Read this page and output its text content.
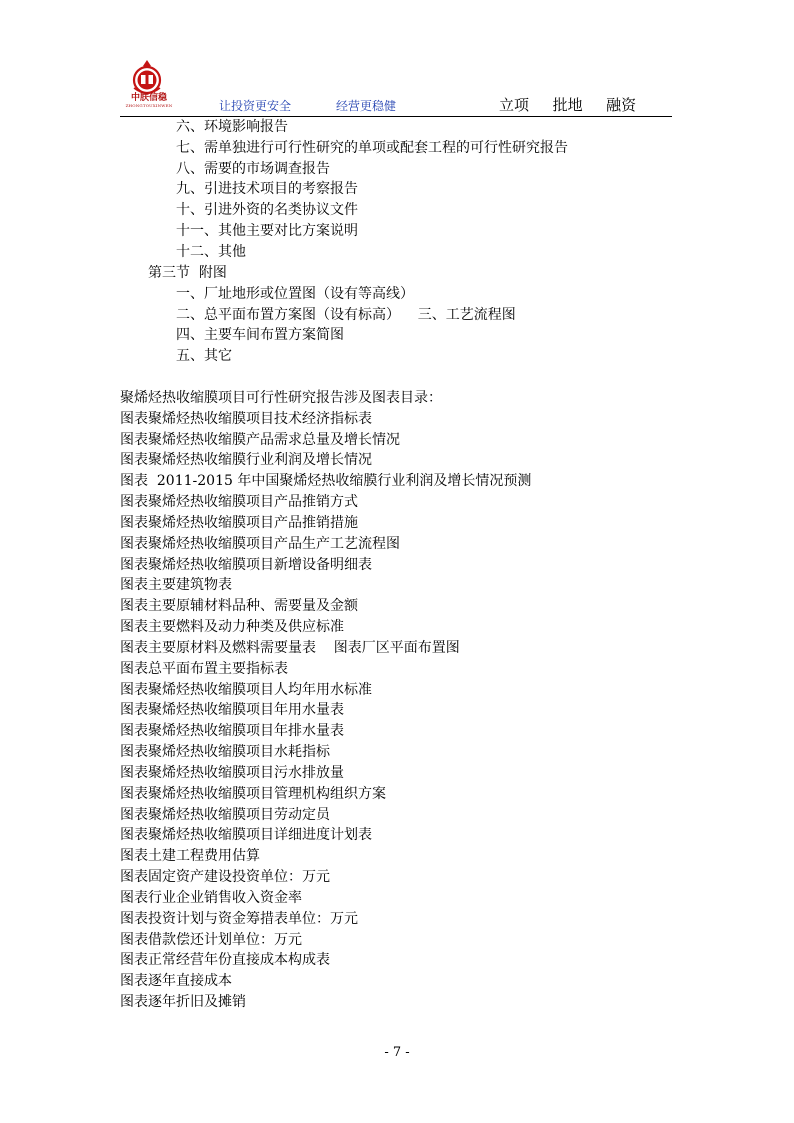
中朕信稳
ZHONGTOUXINWEN	让投资更安全	经营更稳健	立项 批地 融资
六、环境影响报告
七、需单独进行可行性研究的单项或配套工程的可行性研究报告
八、需要的市场调查报告
九、引进技术项目的考察报告
十、引进外资的名类协议文件
十一、其他主要对比方案说明
十二、其他
第三节  附图
一、厂址地形或位置图（设有等高线）
二、总平面布置方案图（设有标高）    三、工艺流程图
四、主要车间布置方案简图
五、其它
聚烯烃热收缩膜项目可行性研究报告涉及图表目录：
图表聚烯烃热收缩膜项目技术经济指标表
图表聚烯烃热收缩膜产品需求总量及增长情况
图表聚烯烃热收缩膜行业利润及增长情况
图表  2011-2015 年中国聚烯烃热收缩膜行业利润及增长情况预测
图表聚烯烃热收缩膜项目产品推销方式
图表聚烯烃热收缩膜项目产品推销措施
图表聚烯烃热收缩膜项目产品生产工艺流程图
图表聚烯烃热收缩膜项目新增设备明细表
图表主要建筑物表
图表主要原辅材料品种、需要量及金额
图表主要燃料及动力种类及供应标准
图表主要原材料及燃料需要量表    图表厂区平面布置图
图表总平面布置主要指标表
图表聚烯烃热收缩膜项目人均年用水标准
图表聚烯烃热收缩膜项目年用水量表
图表聚烯烃热收缩膜项目年排水量表
图表聚烯烃热收缩膜项目水耗指标
图表聚烯烃热收缩膜项目污水排放量
图表聚烯烃热收缩膜项目管理机构组织方案
图表聚烯烃热收缩膜项目劳动定员
图表聚烯烃热收缩膜项目详细进度计划表
图表土建工程费用估算
图表固定资产建设投资单位：万元
图表行业企业销售收入资金率
图表投资计划与资金筹措表单位：万元
图表借款偿还计划单位：万元
图表正常经营年份直接成本构成表
图表逐年直接成本
图表逐年折旧及摊销
- 7 -
